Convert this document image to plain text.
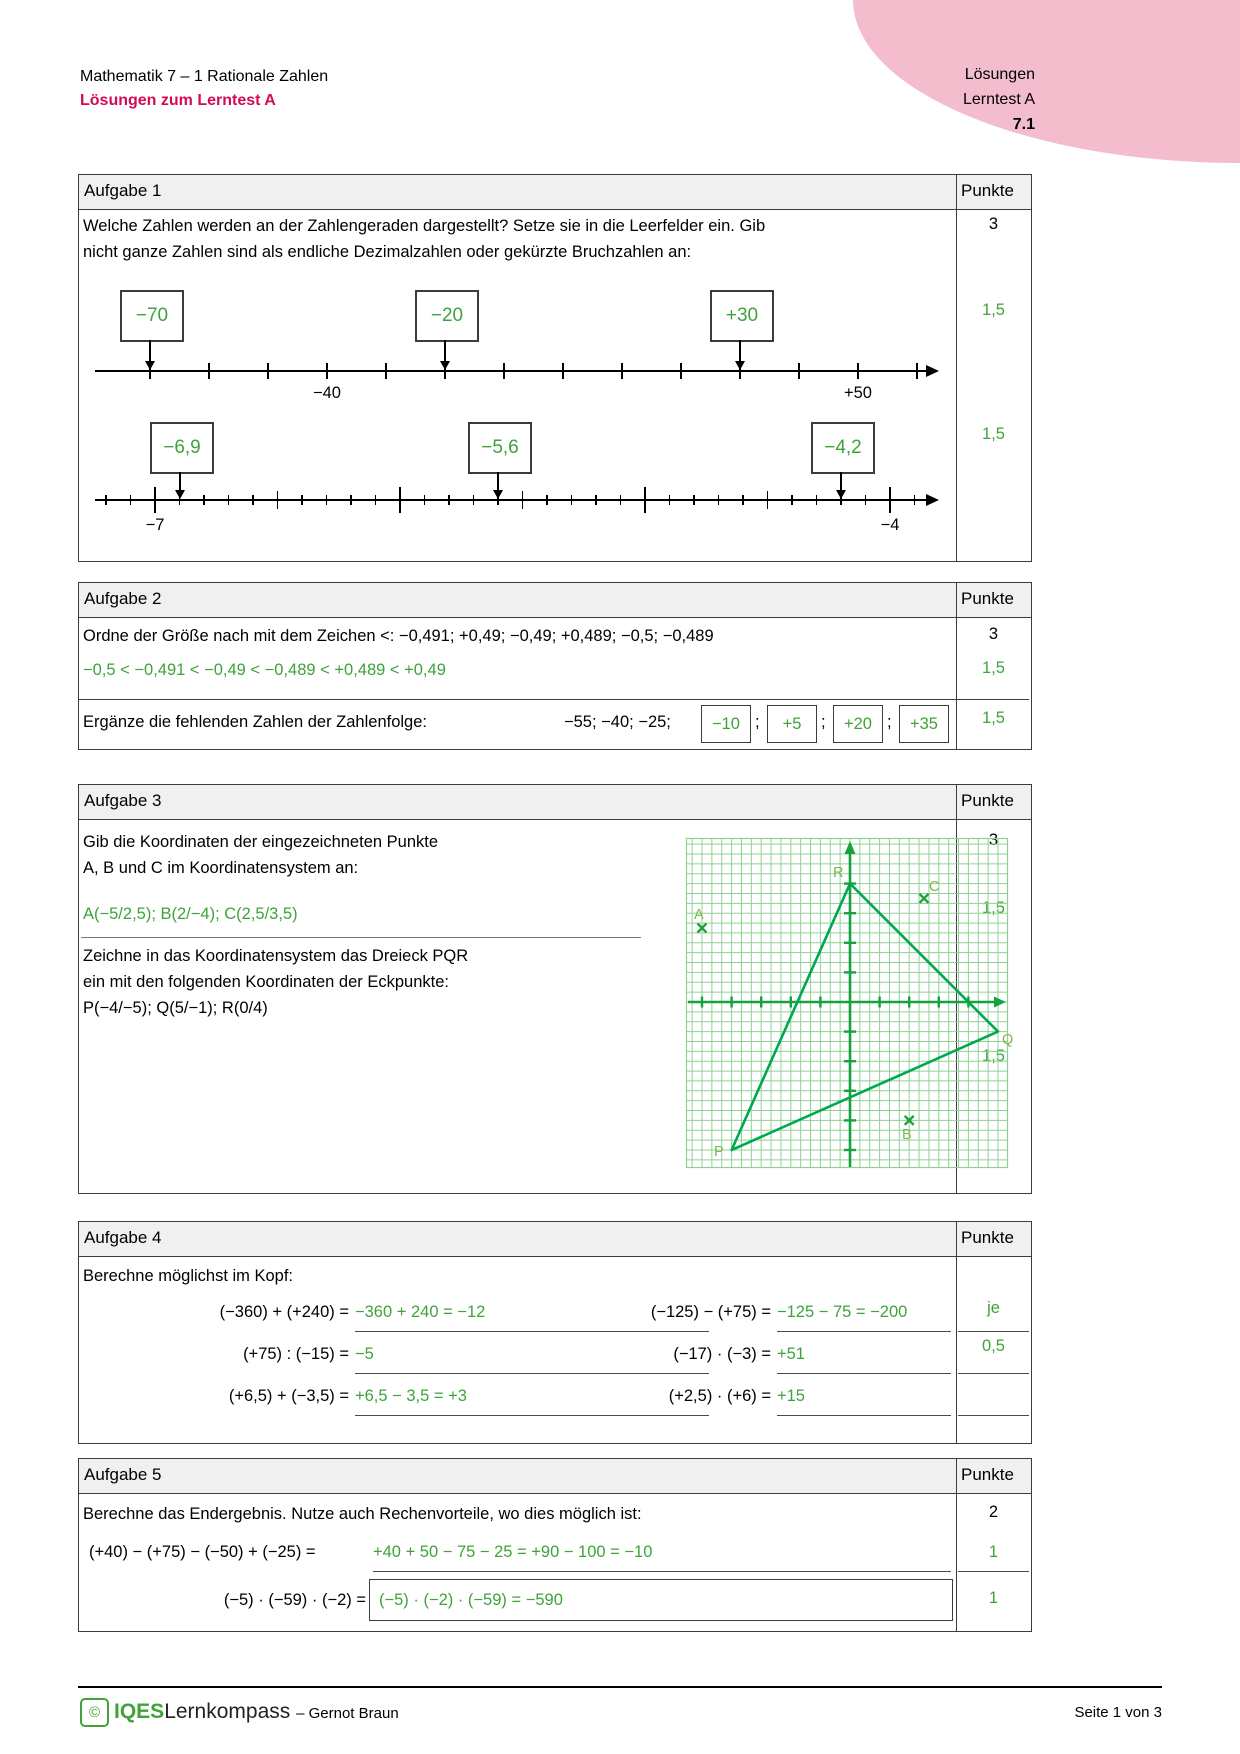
Mathematik 7 – 1 Rationale Zahlen
Lösungen zum Lerntest A
Lösungen
Lerntest A
7.1
Aufgabe 1	Punkte
Welche Zahlen werden an der Zahlengeraden dargestellt? Setze sie in die Leerfelder ein. Gib
nicht ganze Zahlen sind als endliche Dezimalzahlen oder gekürzte Bruchzahlen an:
3
1,5
1,5
−70	−20	+30
−40	+50
−6,9	−5,6	−4,2
−7	−4
Aufgabe 2	Punkte
Ordne der Größe nach mit dem Zeichen <: −0,491; +0,49; −0,49; +0,489; −0,5; −0,489
−0,5 < −0,491 < −0,49 < −0,489 < +0,489 < +0,49
Ergänze die fehlenden Zahlen der Zahlenfolge:	−55; −40; −25;	−10 ;	+5	;	+20 ;	+35
3
1,5
1,5
Aufgabe 3	Punkte
Gib die Koordinaten der eingezeichneten Punkte
A, B und C im Koordinatensystem an:
A(−5/2,5); B(2/−4); C(2,5/3,5)
Zeichne in das Koordinatensystem das Dreieck PQR
ein mit den folgenden Koordinaten der Eckpunkte:
P(−4/−5); Q(5/−1); R(0/4)
3
1,5
1,5
A
B
C
P
Q
R
Aufgabe 4	Punkte
Berechne möglichst im Kopf:
(−360) + (+240) = −360 + 240 = −12	(−125) − (+75) = −125 − 75 = −200
(+75) : (−15) = −5	(−17) · (−3) = +51
(+6,5) + (−3,5) = +6,5 − 3,5 = +3	(+2,5) · (+6) = +15
je
0,5
Aufgabe 5	Punkte
Berechne das Endergebnis. Nutze auch Rechenvorteile, wo dies möglich ist:
(+40) − (+75) − (−50) + (−25) =	+40 + 50 − 75 − 25 = +90 − 100 = −10
(−5) · (−59) · (−2) = (−5) · (−2) · (−59) = −590
2
1
1
© IQESLernkompass – Gernot Braun	Seite 1 von 3
